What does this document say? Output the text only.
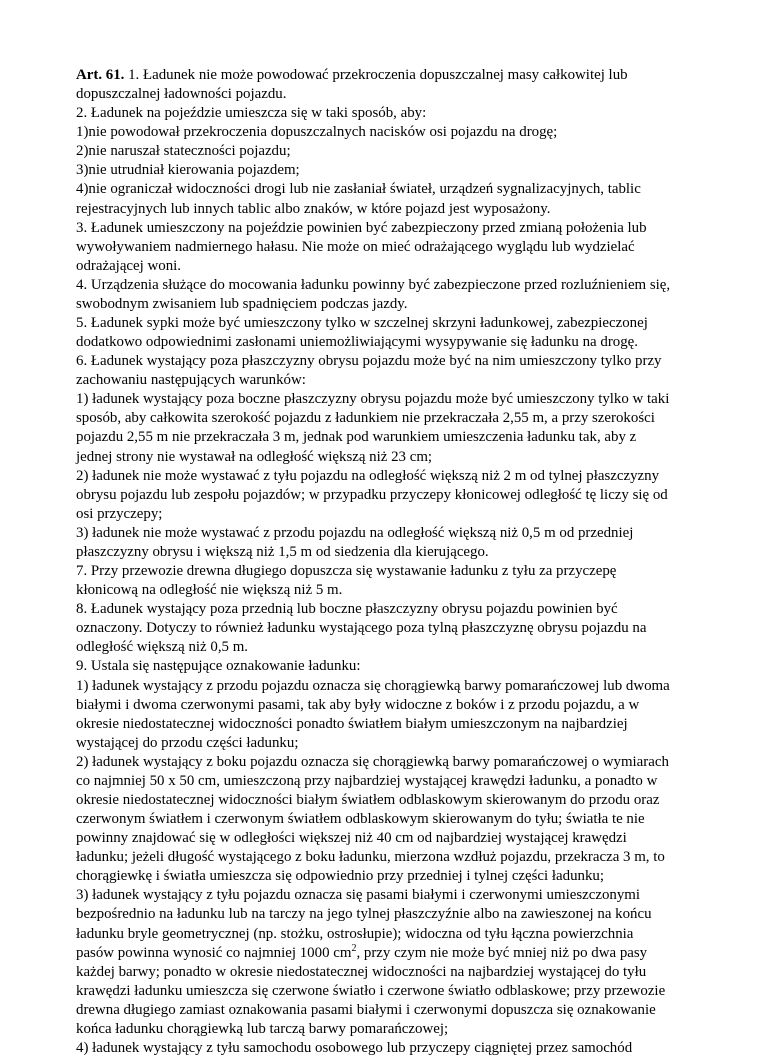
Art. 61. 1. Ładunek nie może powodować przekroczenia dopuszczalnej masy całkowitej lub
dopuszczalnej ładowności pojazdu.
2. Ładunek na pojeździe umieszcza się w taki sposób, aby:
1)nie powodował przekroczenia dopuszczalnych nacisków osi pojazdu na drogę;
2)nie naruszał stateczności pojazdu;
3)nie utrudniał kierowania pojazdem;
4)nie ograniczał widoczności drogi lub nie zasłaniał świateł, urządzeń sygnalizacyjnych, tablic
rejestracyjnych lub innych tablic albo znaków, w które pojazd jest wyposażony.
3. Ładunek umieszczony na pojeździe powinien być zabezpieczony przed zmianą położenia lub
wywoływaniem nadmiernego hałasu. Nie może on mieć odrażającego wyglądu lub wydzielać
odrażającej woni.
4. Urządzenia służące do mocowania ładunku powinny być zabezpieczone przed rozluźnieniem się,
swobodnym zwisaniem lub spadnięciem podczas jazdy.
5. Ładunek sypki może być umieszczony tylko w szczelnej skrzyni ładunkowej, zabezpieczonej
dodatkowo odpowiednimi zasłonami uniemożliwiającymi wysypywanie się ładunku na drogę.
6. Ładunek wystający poza płaszczyzny obrysu pojazdu może być na nim umieszczony tylko przy
zachowaniu następujących warunków:
1) ładunek wystający poza boczne płaszczyzny obrysu pojazdu może być umieszczony tylko w taki
sposób, aby całkowita szerokość pojazdu z ładunkiem nie przekraczała 2,55 m, a przy szerokości
pojazdu 2,55 m nie przekraczała 3 m, jednak pod warunkiem umieszczenia ładunku tak, aby z
jednej strony nie wystawał na odległość większą niż 23 cm;
2) ładunek nie może wystawać z tyłu pojazdu na odległość większą niż 2 m od tylnej płaszczyzny
obrysu pojazdu lub zespołu pojazdów; w przypadku przyczepy kłonicowej odległość tę liczy się od
osi przyczepy;
3) ładunek nie może wystawać z przodu pojazdu na odległość większą niż 0,5 m od przedniej
płaszczyzny obrysu i większą niż 1,5 m od siedzenia dla kierującego.
7. Przy przewozie drewna długiego dopuszcza się wystawanie ładunku z tyłu za przyczepę
kłonicową na odległość nie większą niż 5 m.
8. Ładunek wystający poza przednią lub boczne płaszczyzny obrysu pojazdu powinien być
oznaczony. Dotyczy to również ładunku wystającego poza tylną płaszczyznę obrysu pojazdu na
odległość większą niż 0,5 m.
9. Ustala się następujące oznakowanie ładunku:
1) ładunek wystający z przodu pojazdu oznacza się chorągiewką barwy pomarańczowej lub dwoma
białymi i dwoma czerwonymi pasami, tak aby były widoczne z boków i z przodu pojazdu, a w
okresie niedostatecznej widoczności ponadto światłem białym umieszczonym na najbardziej
wystającej do przodu części ładunku;
2) ładunek wystający z boku pojazdu oznacza się chorągiewką barwy pomarańczowej o wymiarach
co najmniej 50 x 50 cm, umieszczoną przy najbardziej wystającej krawędzi ładunku, a ponadto w
okresie niedostatecznej widoczności białym światłem odblaskowym skierowanym do przodu oraz
czerwonym światłem i czerwonym światłem odblaskowym skierowanym do tyłu; światła te nie
powinny znajdować się w odległości większej niż 40 cm od najbardziej wystającej krawędzi
ładunku; jeżeli długość wystającego z boku ładunku, mierzona wzdłuż pojazdu, przekracza 3 m, to
chorągiewkę i światła umieszcza się odpowiednio przy przedniej i tylnej części ładunku;
3) ładunek wystający z tyłu pojazdu oznacza się pasami białymi i czerwonymi umieszczonymi
bezpośrednio na ładunku lub na tarczy na jego tylnej płaszczyźnie albo na zawieszonej na końcu
ładunku bryle geometrycznej (np. stożku, ostrosłupie); widoczna od tyłu łączna powierzchnia
pasów powinna wynosić co najmniej 1000 $cm^2$, przy czym nie może być mniej niż po dwa pasy
każdej barwy; ponadto w okresie niedostatecznej widoczności na najbardziej wystającej do tyłu
krawędzi ładunku umieszcza się czerwone światło i czerwone światło odblaskowe; przy przewozie
drewna długiego zamiast oznakowania pasami białymi i czerwonymi dopuszcza się oznakowanie
końca ładunku chorągiewką lub tarczą barwy pomarańczowej;
4) ładunek wystający z tyłu samochodu osobowego lub przyczepy ciągniętej przez samochód
